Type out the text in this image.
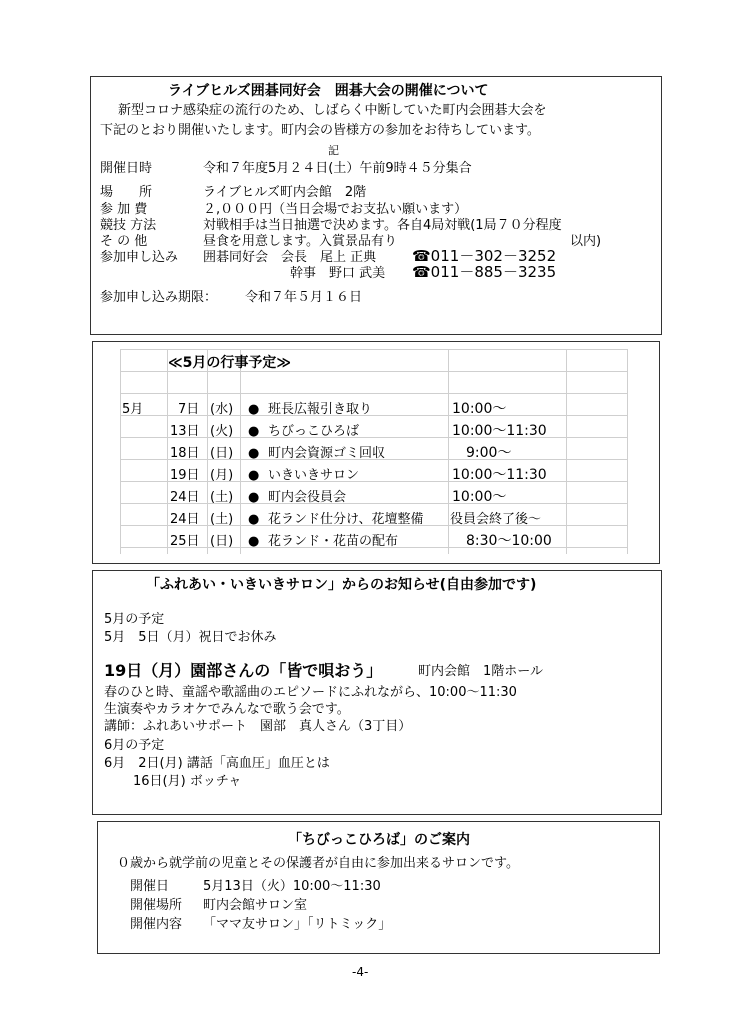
ライブヒルズ囲碁同好会　囲碁大会の開催について
新型コロナ感染症の流行のため、しばらく中断していた町内会囲碁大会を
下記のとおり開催いたします。町内会の皆様方の参加をお待ちしています。
記
開催日時	令和７年度5月２４日(土）午前9時４５分集合
場　　所	ライブヒルズ町内会館　2階
参 加 費	２,０００円（当日会場でお支払い願います）
競技 方法	対戦相手は当日抽選で決めます。各自4局対戦(1局７０分程度
そ の 他	昼食を用意します。入賞景品有り	以内)
参加申し込み 囲碁同好会　会長　尾上 正典 ☎011－302－3252
幹事　野口 武美 ☎011－885－3235
参加申し込み期限： 令和７年５月１６日
≪5月の行事予定≫
5月	7日 (水) ● 班長広報引き取り	10:00～
13日 (火) ● ちびっこひろば	10:00～11:30
18日 (日) ● 町内会資源ゴミ回収	9:00～
19日 (月) ● いきいきサロン	10:00～11:30
24日 (土) ● 町内会役員会	10:00～
24日 (土) ● 花ランド仕分け、花壇整備 役員会終了後～
25日 (日) ● 花ランド・花苗の配布	8:30～10:00
「ふれあい・いきいきサロン」からのお知らせ(自由参加です)
5月の予定
5月　5日（月）祝日でお休み
19日（月）園部さんの「皆で唄おう」	町内会館　1階ホール
春のひと時、童謡や歌謡曲のエピソードにふれながら、10:00～11:30
生演奏やカラオケでみんなで歌う会です。
講師：ふれあいサポート　園部　真人さん（3丁目）
6月の予定
6月　2日(月) 講話「高血圧」血圧とは
16日(月) ボッチャ
「ちびっこひろば」のご案内
０歳から就学前の児童とその保護者が自由に参加出来るサロンです。
開催日	5月13日（火）10:00～11:30
開催場所 町内会館サロン室
開催内容 「ママ友サロン」「リトミック」
-4-
